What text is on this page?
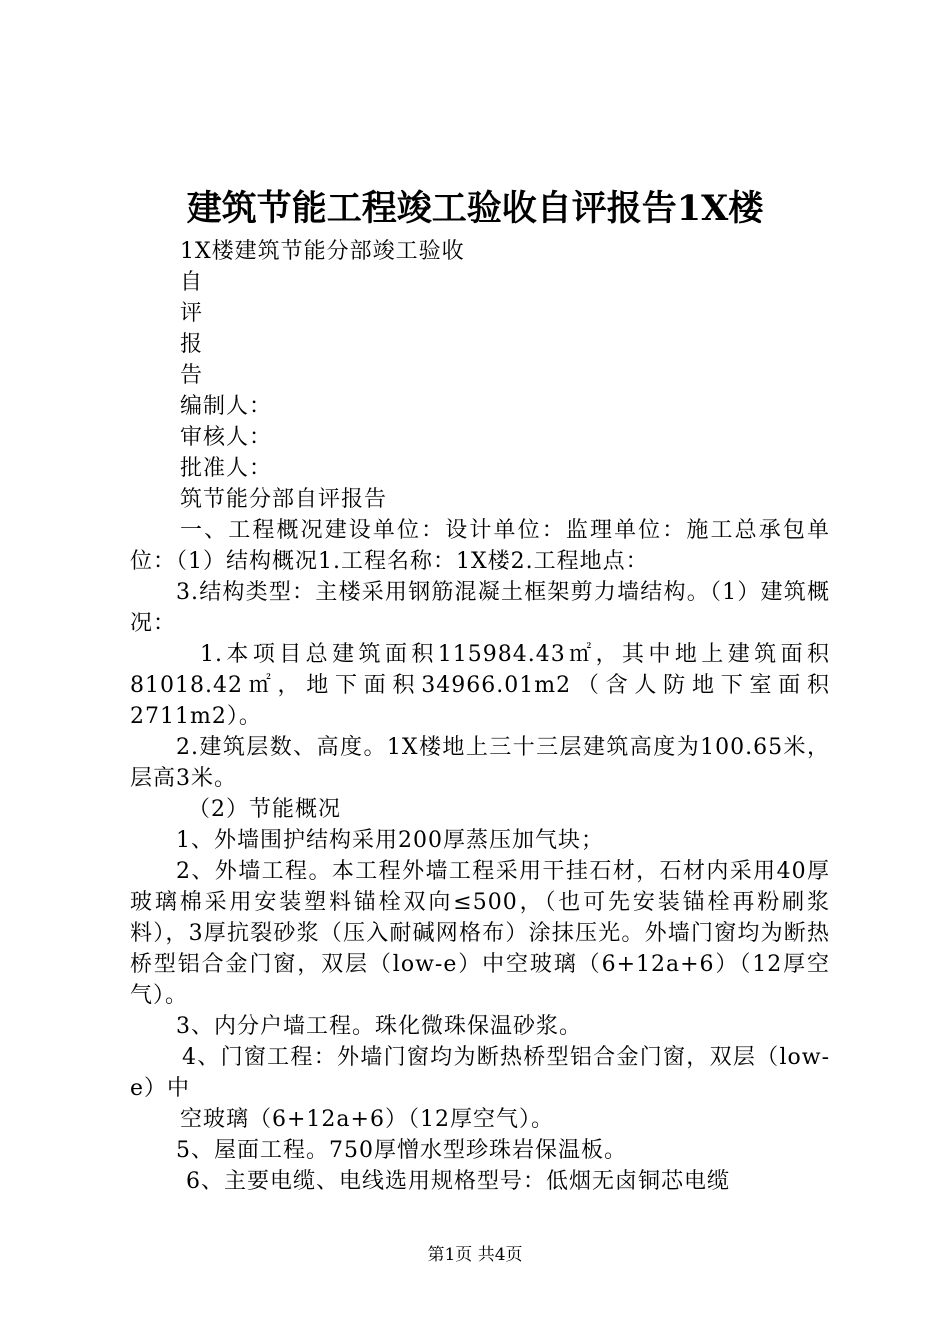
建筑节能工程竣工验收自评报告1X楼
1X楼建筑节能分部竣工验收
自
评
报
告
编制人：
审核人：
批准人：
筑节能分部自评报告
一、工程概况建设单位：设计单位：监理单位：施工总承包单位：（1）结构概况1.工程名称：1X楼2.工程地点：
3.结构类型：主楼采用钢筋混凝土框架剪力墙结构。（1）建筑概况：
1.本项目总建筑面积115984.43㎡，其中地上建筑面积81018.42㎡，地下面积34966.01m2（含人防地下室面积2711m2）。
2.建筑层数、高度。1X楼地上三十三层建筑高度为100.65米，层高3米。
（2）节能概况
1、外墙围护结构采用200厚蒸压加气块；
2、外墙工程。本工程外墙工程采用干挂石材，石材内采用40厚玻璃棉采用安装塑料锚栓双向≤500，（也可先安装锚栓再粉刷浆料），3厚抗裂砂浆（压入耐碱网格布）涂抹压光。外墙门窗均为断热桥型铝合金门窗，双层（low-e）中空玻璃（6+12a+6）（12厚空气）。
3、内分户墙工程。珠化微珠保温砂浆。
4、门窗工程：外墙门窗均为断热桥型铝合金门窗，双层（low-e）中
空玻璃（6+12a+6）（12厚空气）。
5、屋面工程。750厚憎水型珍珠岩保温板。
6、主要电缆、电线选用规格型号：低烟无卤铜芯电缆
第1页 共4页
